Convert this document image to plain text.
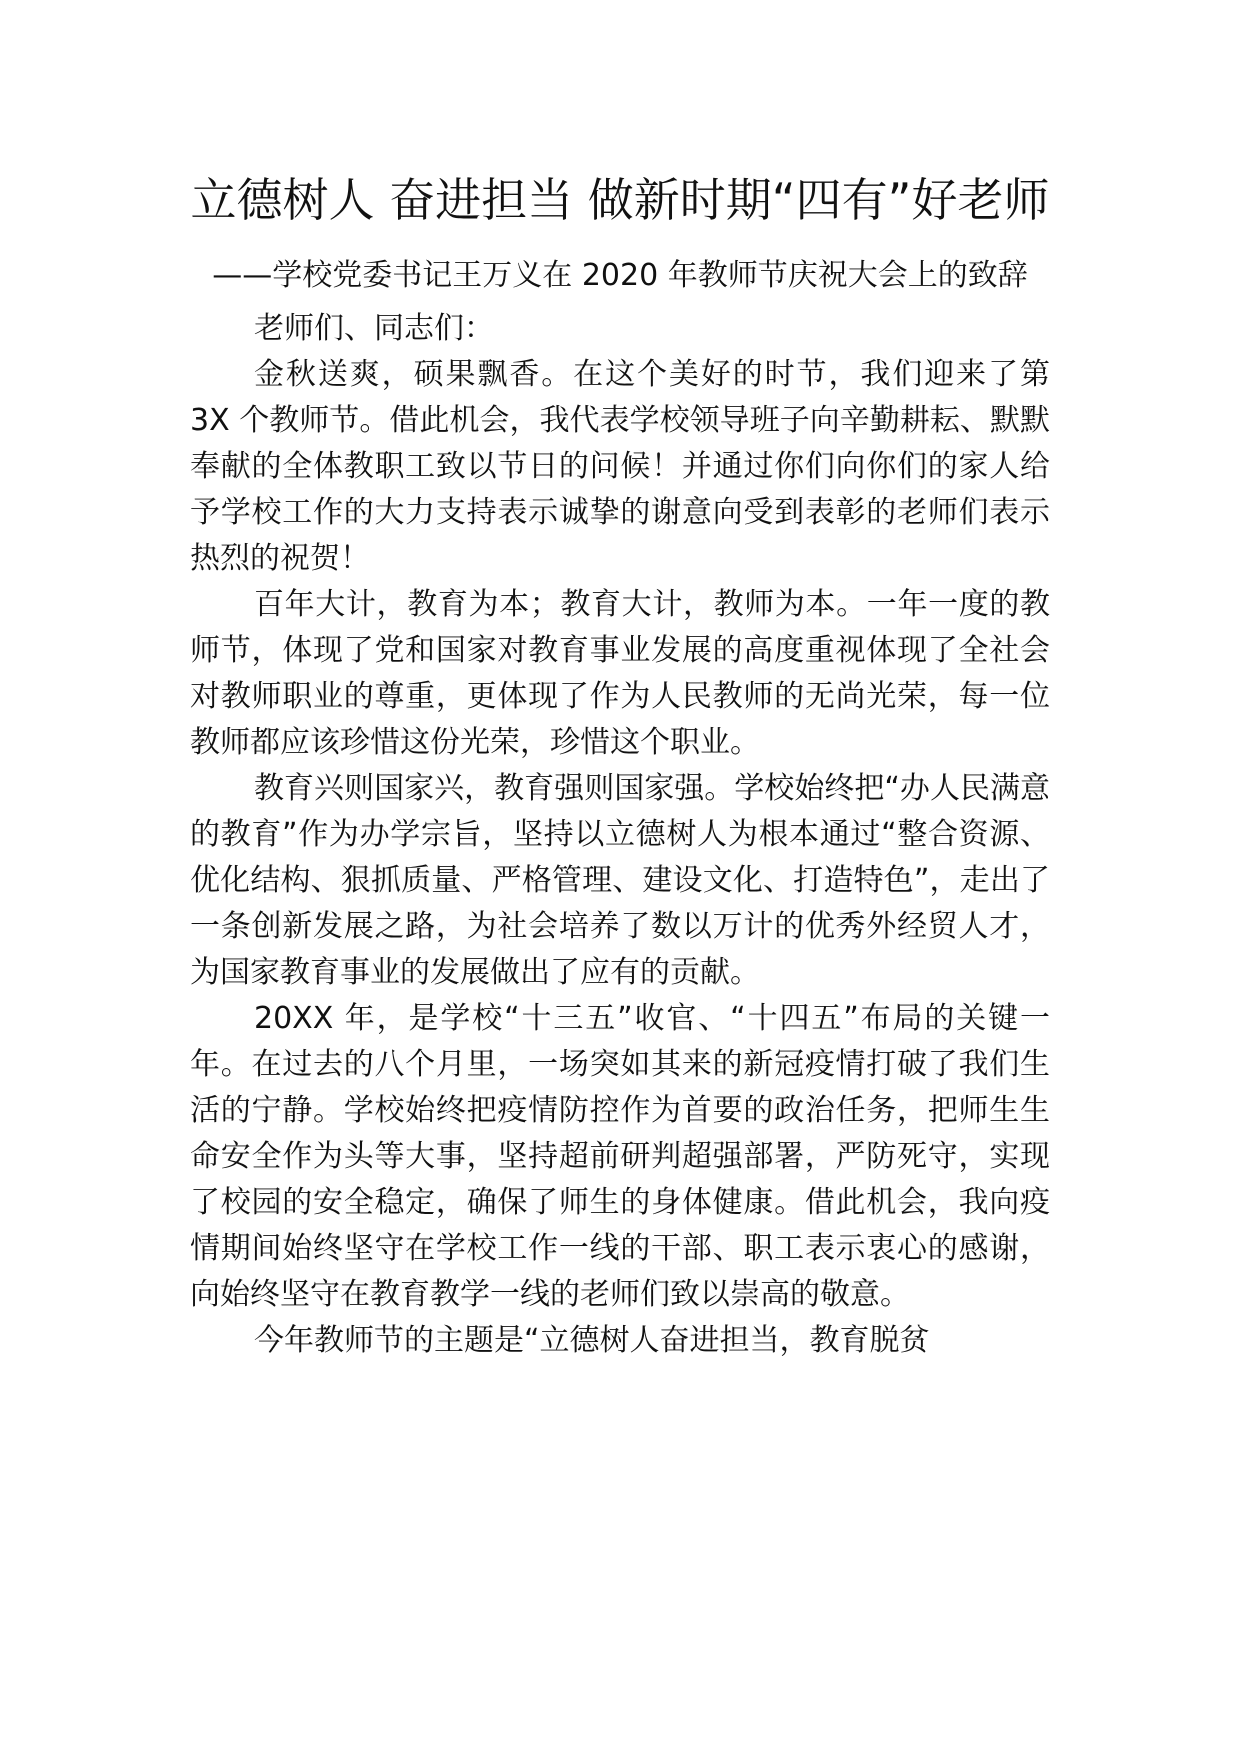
立德树人 奋进担当 做新时期“四有”好老师

——学校党委书记王万义在 2020 年教师节庆祝大会上的致辞

老师们、同志们：

金秋送爽，硕果飘香。在这个美好的时节，我们迎来了第 3X 个教师节。借此机会，我代表学校领导班子向辛勤耕耘、默默奉献的全体教职工致以节日的问候！并通过你们向你们的家人给予学校工作的大力支持表示诚挚的谢意向受到表彰的老师们表示热烈的祝贺！

百年大计，教育为本；教育大计，教师为本。一年一度的教师节，体现了党和国家对教育事业发展的高度重视体现了全社会对教师职业的尊重，更体现了作为人民教师的无尚光荣，每一位教师都应该珍惜这份光荣，珍惜这个职业。

教育兴则国家兴，教育强则国家强。学校始终把“办人民满意的教育”作为办学宗旨，坚持以立德树人为根本通过“整合资源、优化结构、狠抓质量、严格管理、建设文化、打造特色”，走出了一条创新发展之路，为社会培养了数以万计的优秀外经贸人才，为国家教育事业的发展做出了应有的贡献。

20XX 年，是学校“十三五”收官、“十四五”布局的关键一年。在过去的八个月里，一场突如其来的新冠疫情打破了我们生活的宁静。学校始终把疫情防控作为首要的政治任务，把师生生命安全作为头等大事，坚持超前研判超强部署，严防死守，实现了校园的安全稳定，确保了师生的身体健康。借此机会，我向疫情期间始终坚守在学校工作一线的干部、职工表示衷心的感谢，向始终坚守在教育教学一线的老师们致以崇高的敬意。

今年教师节的主题是“立德树人奋进担当，教育脱贫
